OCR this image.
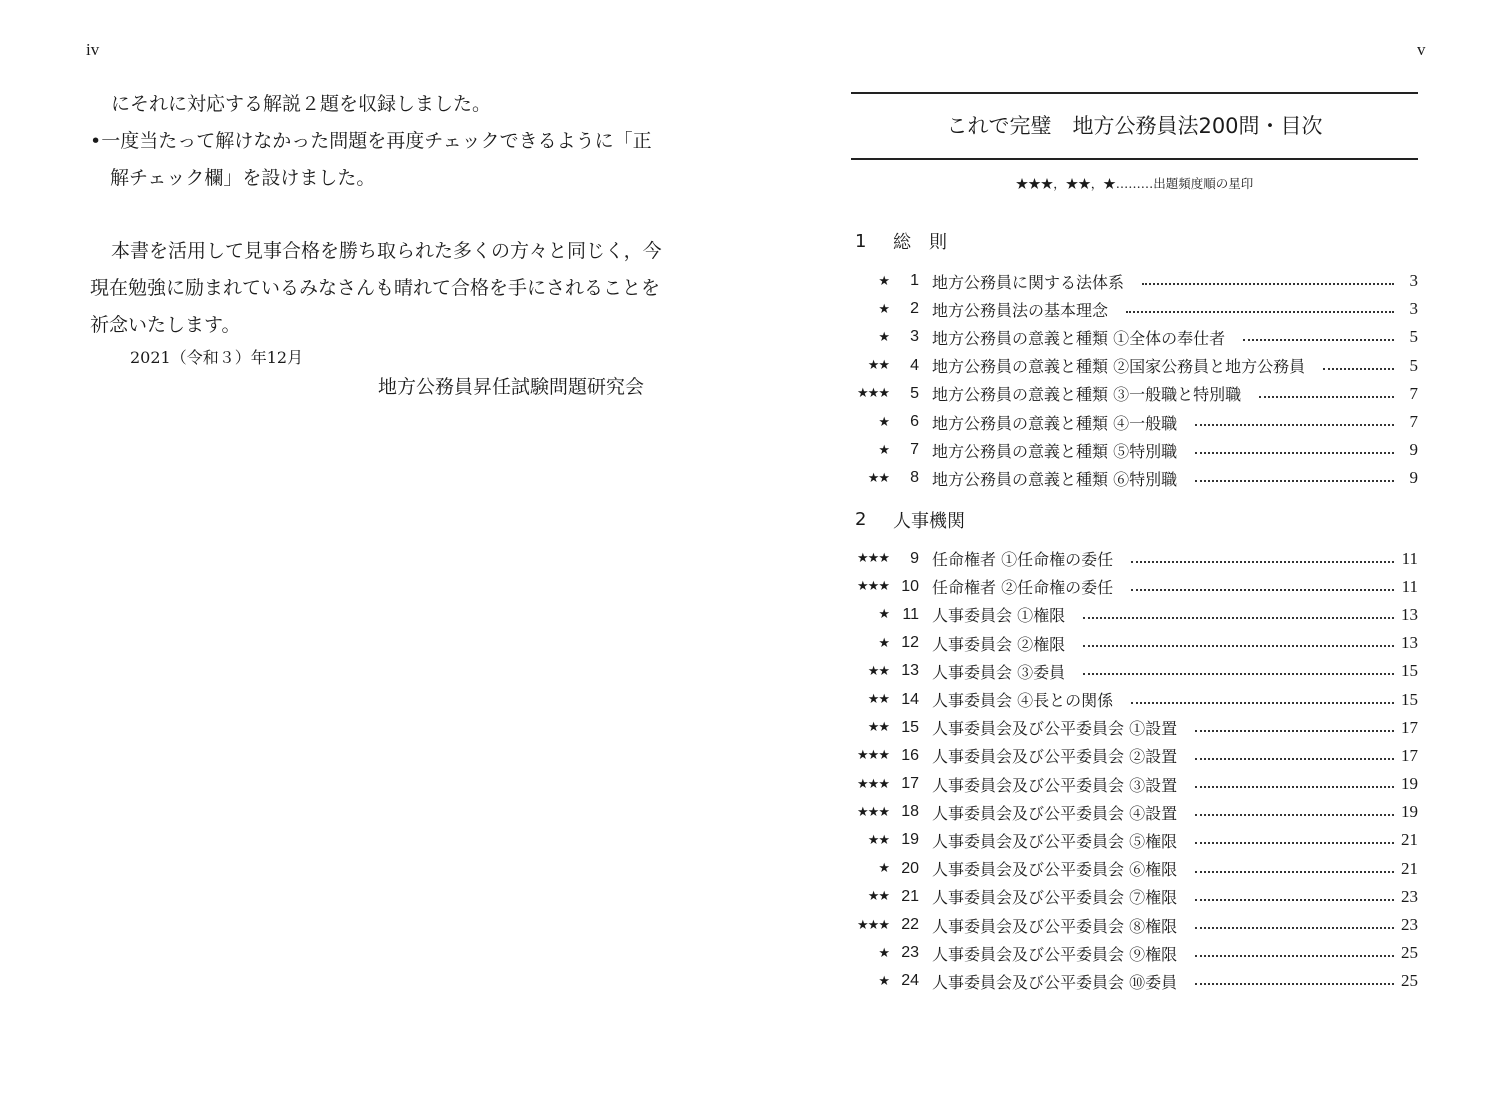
iv	v

にそれに対応する解説２題を収録しました。

•一度当たって解けなかった問題を再度チェックできるように「正解チェック欄」を設けました。

本書を活用して見事合格を勝ち取られた多くの方々と同じく，今現在勉強に励まれているみなさんも晴れて合格を手にされることを祈念いたします。

2021（令和３）年12月

地方公務員昇任試験問題研究会

これで完璧　地方公務員法200問・目次
★★★，★★，★………出題頻度順の星印
1	総　則
★	1 地方公務員に関する法体系	3
★	2 地方公務員法の基本理念	3
★	3 地方公務員の意義と種類 ①全体の奉仕者	5
★★	4 地方公務員の意義と種類 ②国家公務員と地方公務員	5
★★★	5 地方公務員の意義と種類 ③一般職と特別職	7
★	6 地方公務員の意義と種類 ④一般職	7
★	7 地方公務員の意義と種類 ⑤特別職	9
★★	8 地方公務員の意義と種類 ⑥特別職	9
2	人事機関
★★★	9 任命権者 ①任命権の委任	11
★★★ 10 任命権者 ②任命権の委任	11
★ 11 人事委員会 ①権限	13
★ 12 人事委員会 ②権限	13
★★ 13 人事委員会 ③委員	15
★★ 14 人事委員会 ④長との関係	15
★★ 15 人事委員会及び公平委員会 ①設置	17
★★★ 16 人事委員会及び公平委員会 ②設置	17
★★★ 17 人事委員会及び公平委員会 ③設置	19
★★★ 18 人事委員会及び公平委員会 ④設置	19
★★ 19 人事委員会及び公平委員会 ⑤権限	21
★ 20 人事委員会及び公平委員会 ⑥権限	21
★★ 21 人事委員会及び公平委員会 ⑦権限	23
★★★ 22 人事委員会及び公平委員会 ⑧権限	23
★ 23 人事委員会及び公平委員会 ⑨権限	25
★ 24 人事委員会及び公平委員会 ⑩委員	25
